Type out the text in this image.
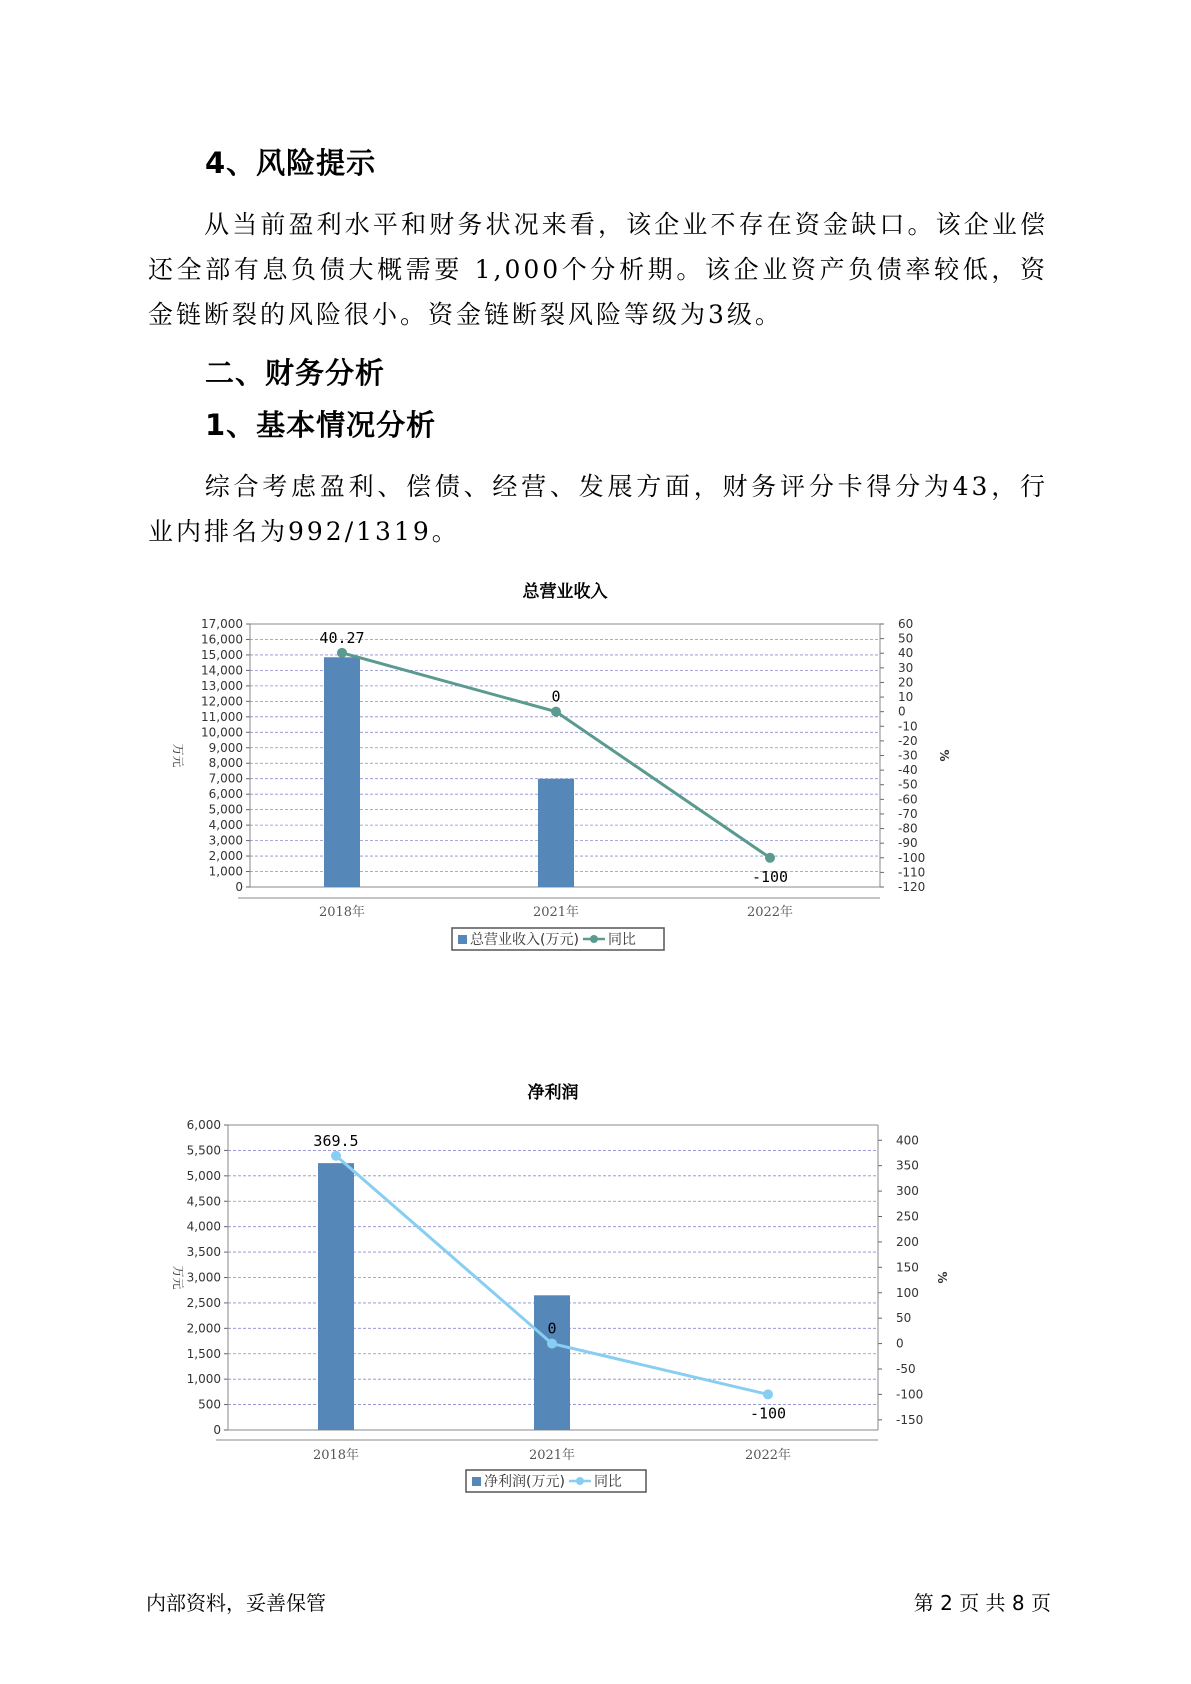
4、风险提示

从当前盈利水平和财务状况来看，该企业不存在资金缺口。该企业偿还全部有息负债大概需要 1,000个分析期。该企业资产负债率较低，资金链断裂的风险很小。资金链断裂风险等级为3级。

二、财务分析
1、基本情况分析

综合考虑盈利、偿债、经营、发展方面，财务评分卡得分为43，行业内排名为992/1319。

总营业收入
0
1,000
2,000
3,000
4,000
5,000
6,000
7,000
8,000
9,000
10,000
11,000
12,000
13,000
14,000
15,000
16,000
17,000
-120
-110
-100
-90
-80
-70
-60
-50
-40
-30
-20
-10
0
10
20
30
40
50
60
万元	%
2018年	2021年	2022年
40.27
0
-100
总营业收入(万元) 同比
净利润
0
500
1,000
1,500
2,000
2,500
3,000
3,500
4,000
4,500
5,000
5,500
6,000
-150
-100
-50
0
50
100
150
200
250
300
350
400
万元	%
2018年	2021年	2022年
369.5
0
-100
净利润(万元) 同比
内部资料，妥善保管	第 2 页 共 8 页
